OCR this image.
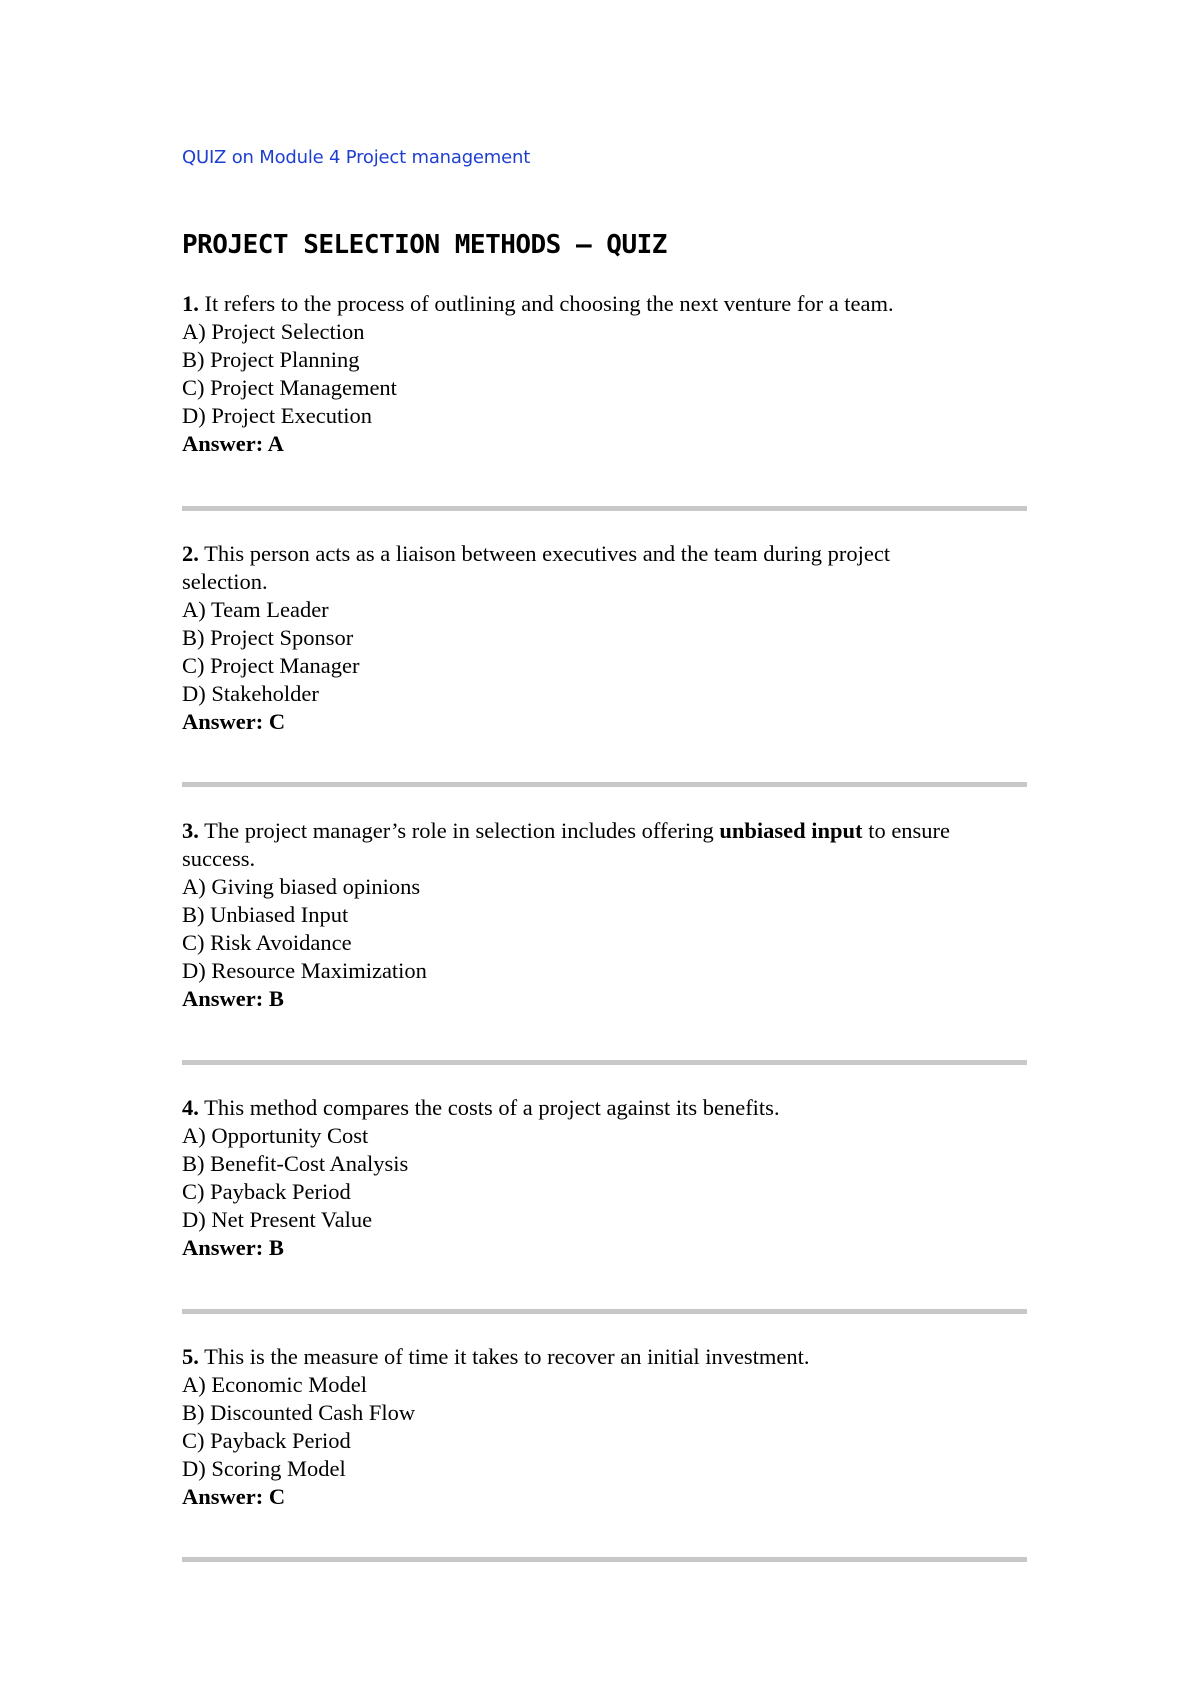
QUIZ on Module 4 Project management
PROJECT SELECTION METHODS – QUIZ
1. It refers to the process of outlining and choosing the next venture for a team.
A) Project Selection
B) Project Planning
C) Project Management
D) Project Execution
Answer: A
2. This person acts as a liaison between executives and the team during project
selection.
A) Team Leader
B) Project Sponsor
C) Project Manager
D) Stakeholder
Answer: C
3. The project manager’s role in selection includes offering unbiased input to ensure
success.
A) Giving biased opinions
B) Unbiased Input
C) Risk Avoidance
D) Resource Maximization
Answer: B
4. This method compares the costs of a project against its benefits.
A) Opportunity Cost
B) Benefit-Cost Analysis
C) Payback Period
D) Net Present Value
Answer: B
5. This is the measure of time it takes to recover an initial investment.
A) Economic Model
B) Discounted Cash Flow
C) Payback Period
D) Scoring Model
Answer: C
